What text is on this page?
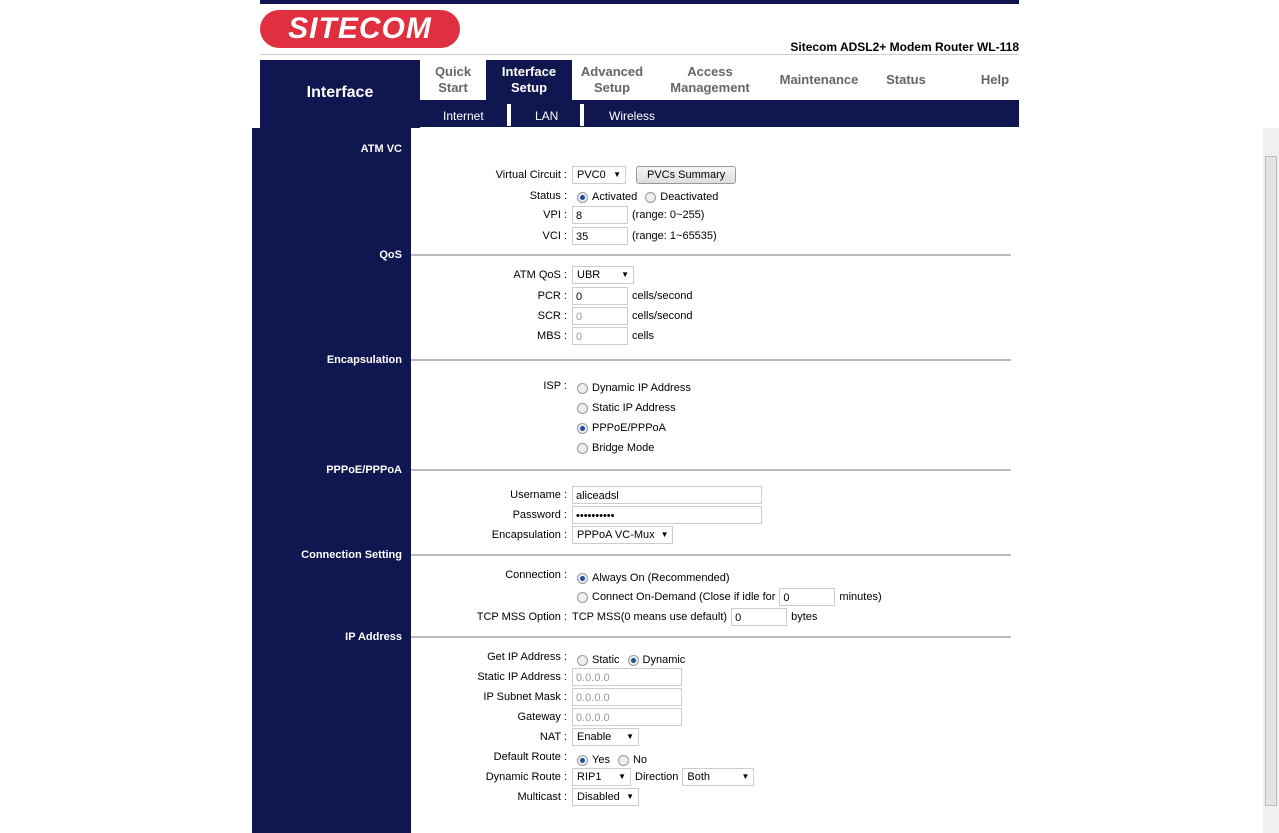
SITECOM
Sitecom ADSL2+ Modem Router WL-118
Interface
Quick Start
Interface Setup
Advanced Setup
Access Management
Maintenance	Status	Help
Internet	LAN	Wireless
ATM VC
QoS
Encapsulation
PPPoE/PPPoA
Connection Setting
IP Address
Virtual Circuit : PVC0 ▼	PVCs Summary
Status : Activated Deactivated
VPI : 8	(range: 0~255)
VCI : 35	(range: 1~65535)
ATM QoS : UBR	▼
PCR : 0	cells/second
SCR : 0	cells/second
MBS : 0	cells
ISP : Dynamic IP Address
Static IP Address
PPPoE/PPPoA
Bridge Mode
Username : aliceadsl
Password : ••••••••••
Encapsulation : PPPoA VC-Mux ▼
Connection : Always On (Recommended)
Connect On-Demand (Close if idle for 0	minutes)
TCP MSS Option : TCP MSS(0 means use default) 0	bytes
Get IP Address : Static Dynamic
Static IP Address : 0.0.0.0
IP Subnet Mask : 0.0.0.0
Gateway : 0.0.0.0
NAT : Enable ▼
Default Route : Yes No
Dynamic Route : RIP1 ▼ Direction Both	▼
Multicast : Disabled ▼
